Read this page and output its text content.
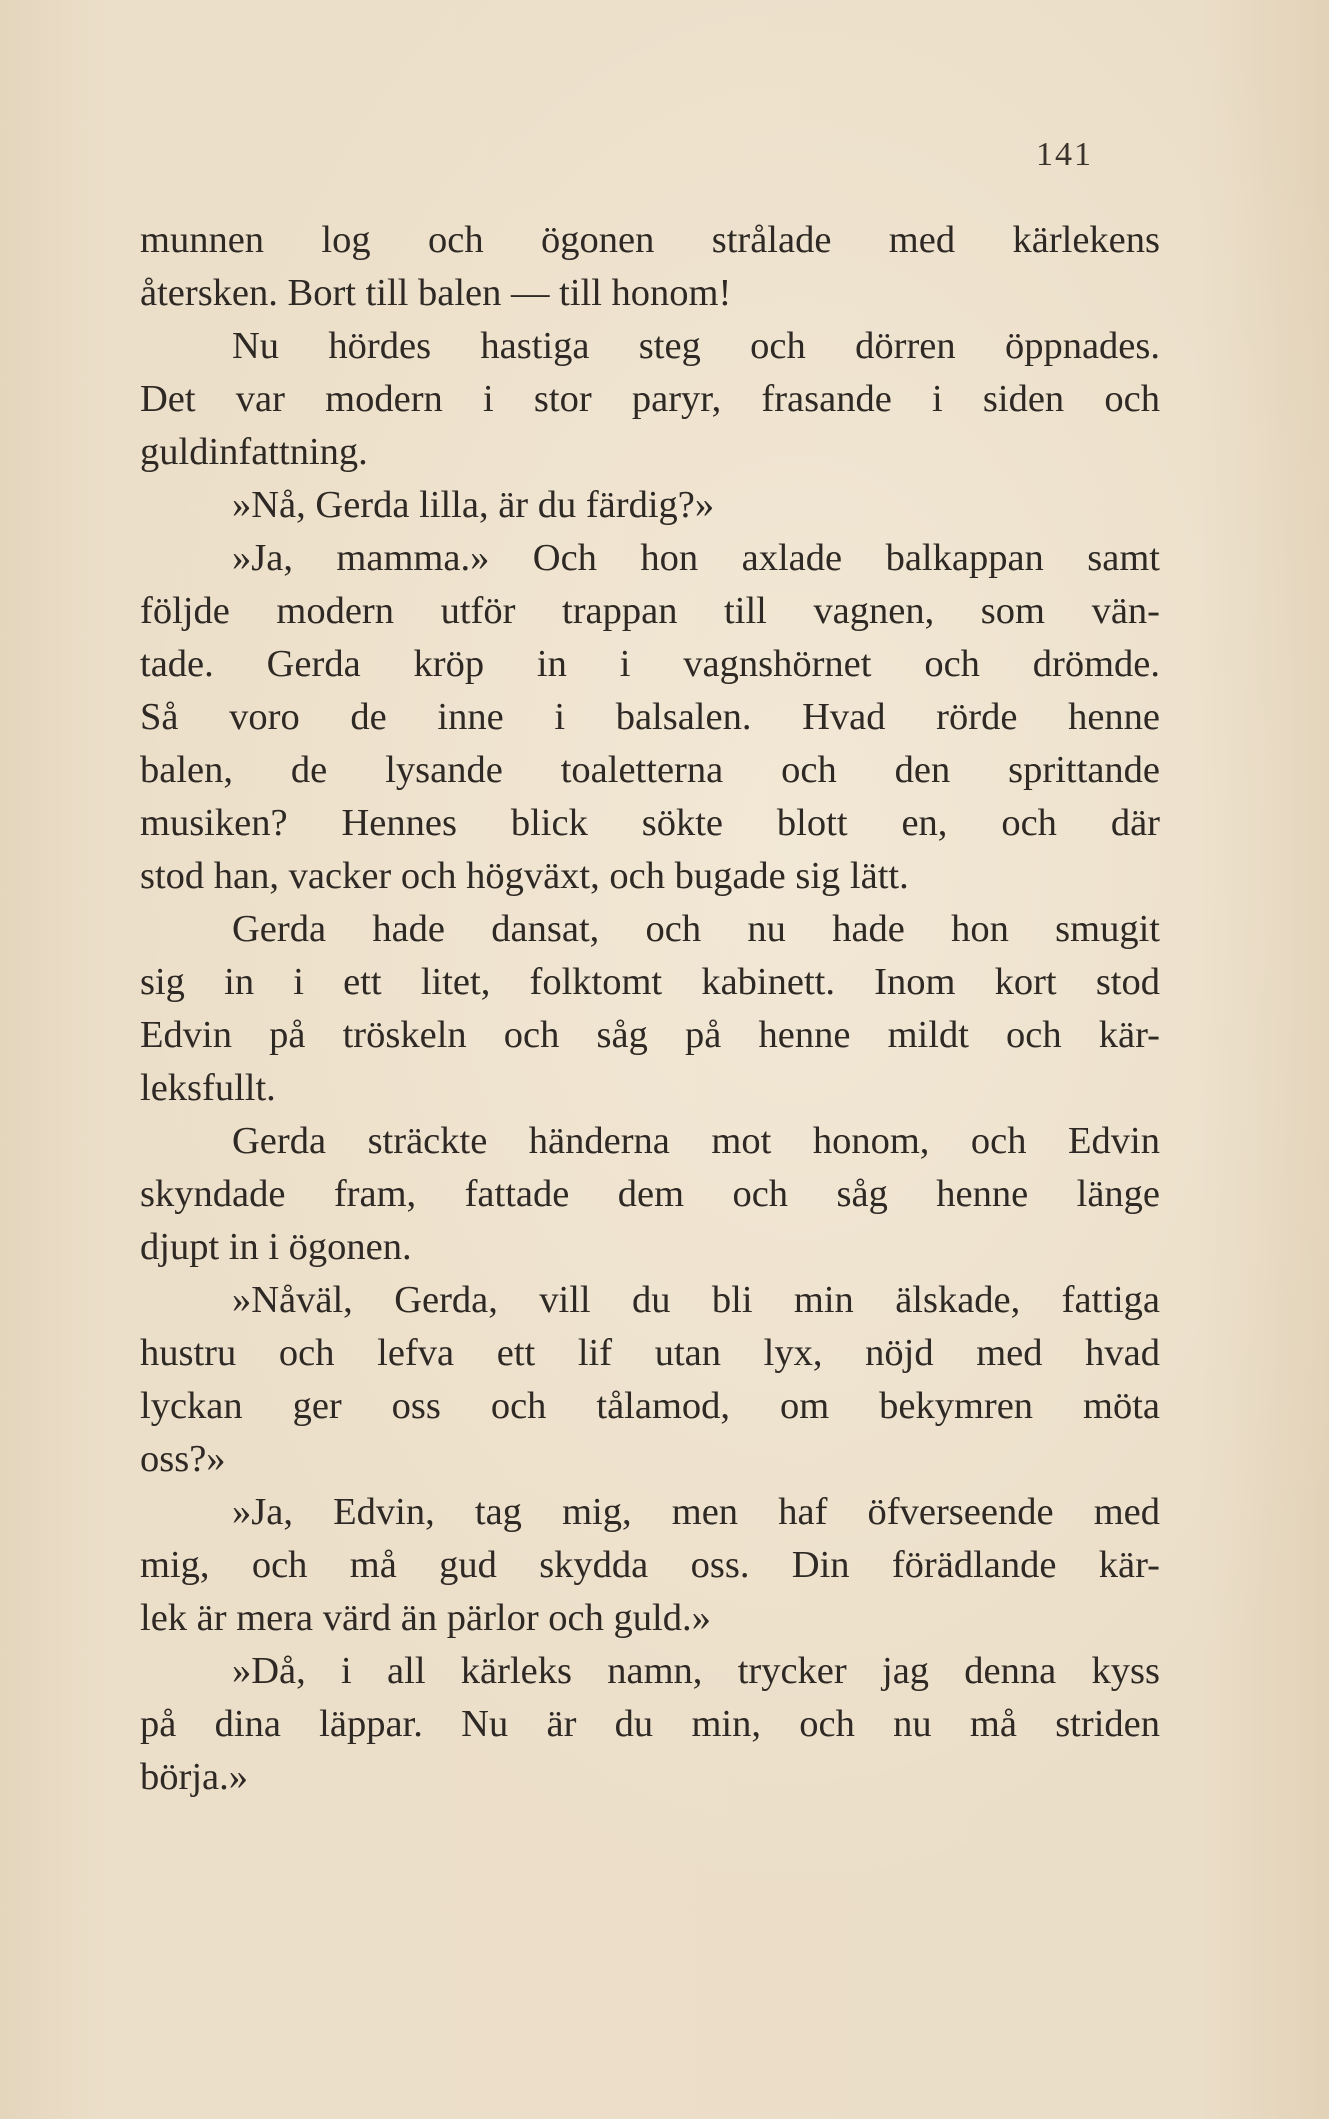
141
munnen log och ögonen strålade med kärlekens
återsken. Bort till balen — till honom!
Nu hördes hastiga steg och dörren öppnades.
Det var modern i stor paryr, frasande i siden och
guldinfattning.
»Nå, Gerda lilla, är du färdig?»
»Ja, mamma.» Och hon axlade balkappan samt
följde modern utför trappan till vagnen, som vän-
tade. Gerda kröp in i vagnshörnet och drömde.
Så voro de inne i balsalen. Hvad rörde henne
balen, de lysande toaletterna och den sprittande
musiken? Hennes blick sökte blott en, och där
stod han, vacker och högväxt, och bugade sig lätt.
Gerda hade dansat, och nu hade hon smugit
sig in i ett litet, folktomt kabinett. Inom kort stod
Edvin på tröskeln och såg på henne mildt och kär-
leksfullt.
Gerda sträckte händerna mot honom, och Edvin
skyndade fram, fattade dem och såg henne länge
djupt in i ögonen.
»Nåväl, Gerda, vill du bli min älskade, fattiga
hustru och lefva ett lif utan lyx, nöjd med hvad
lyckan ger oss och tålamod, om bekymren möta
oss?»
»Ja, Edvin, tag mig, men haf öfverseende med
mig, och må gud skydda oss. Din förädlande kär-
lek är mera värd än pärlor och guld.»
»Då, i all kärleks namn, trycker jag denna kyss
på dina läppar. Nu är du min, och nu må striden
börja.»
